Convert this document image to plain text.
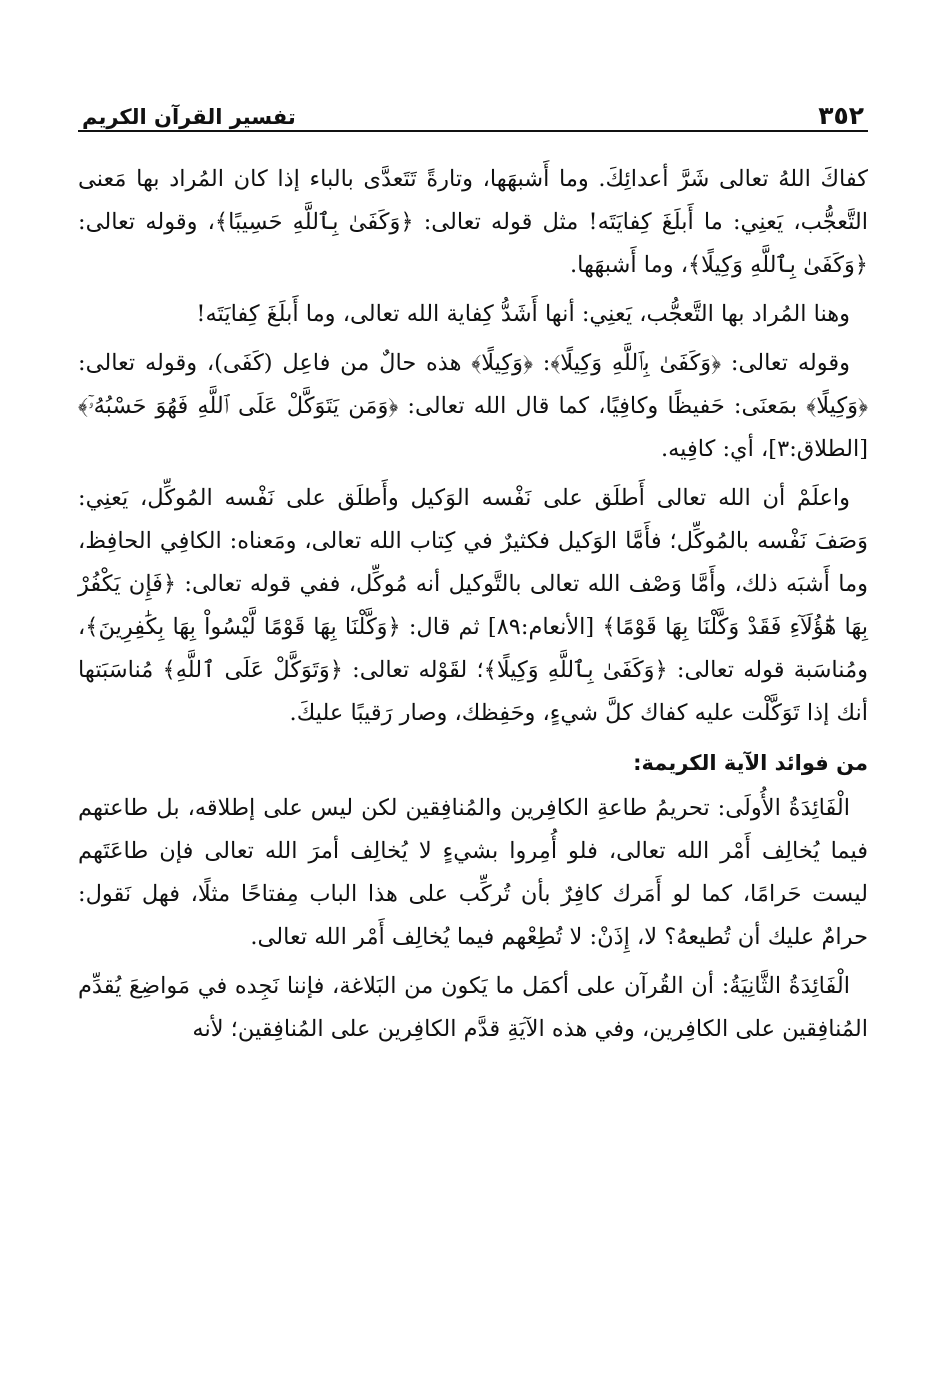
٣٥٢
تفسير القرآن الكريم

كفاكَ اللهُ تعالى شَرَّ أعدائِكَ. وما أَشبهَها، وتارةً تَتَعدَّى بالباء إذا كان المُراد بها مَعنى التَّعجُّب، يَعنِي: ما أَبلَغَ كِفايَتَه! مثل قوله تعالى: ﴿وَكَفَىٰ بِٱللَّهِ حَسِيبًا﴾، وقوله تعالى: ﴿وَكَفَىٰ بِٱللَّهِ وَكِيلًا﴾، وما أَشبهَها.

وهنا المُراد بها التَّعجُّب، يَعنِي: أنها أَشَدُّ كِفاية الله تعالى، وما أَبلَغَ كِفايَتَه!

وقوله تعالى: ﴿وَكَفَىٰ بِٱللَّهِ وَكِيلًا﴾: ﴿وَكِيلًا﴾ هذه حالٌ من فاعِل (كَفَى)، وقوله تعالى: ﴿وَكِيلًا﴾ بمَعنَى: حَفيظًا وكافِيًا، كما قال الله تعالى: ﴿وَمَن يَتَوَكَّلْ عَلَى ٱللَّهِ فَهُوَ حَسْبُهُۥٓ﴾ [الطلاق:٣]، أي: كافِيه.

واعلَمْ أن الله تعالى أَطلَق على نَفْسه الوَكيل وأَطلَق على نَفْسه المُوكِّل، يَعنِي: وَصَفَ نَفْسه بالمُوكِّل؛ فأَمَّا الوَكيل فكثيرٌ في كِتاب الله تعالى، ومَعناه: الكافِي الحافِظ، وما أَشبَه ذلك، وأَمَّا وَصْف الله تعالى بالتَّوكيل أنه مُوكِّل، ففي قوله تعالى: ﴿فَإِن يَكْفُرْ بِهَا هَٰٓؤُلَآءِ فَقَدْ وَكَّلْنَا بِهَا قَوْمًا﴾ [الأنعام:٨٩] ثم قال: ﴿وَكَّلْنَا بِهَا قَوْمًا لَّيْسُواْ بِهَا بِكَٰفِرِينَ﴾، ومُناسَبة قوله تعالى: ﴿وَكَفَىٰ بِٱللَّهِ وَكِيلًا﴾؛ لقَوْله تعالى: ﴿وَتَوَكَّلْ عَلَى ٱللَّهِ﴾ مُناسَبَتها أنك إذا تَوَكَّلْت عليه كفاك كلَّ شيءٍ، وحَفِظك، وصار رَقيبًا عليكَ.

من فوائد الآية الكريمة:

الْفَائِدَةُ الأُولَى: تحريمُ طاعةِ الكافِرين والمُنافِقين لكن ليس على إطلاقه، بل طاعتهم فيما يُخالِف أَمْر الله تعالى، فلو أُمِروا بشيءٍ لا يُخالِف أمرَ الله تعالى فإن طاعَتَهم ليست حَرامًا، كما لو أَمَرك كافِرٌ بأن تُركِّب على هذا الباب مِفتاحًا مثلًا، فهل نَقول: حرامٌ عليك أن تُطيعهُ؟ لا، إِذَنْ: لا تُطِعْهم فيما يُخالِف أَمْر الله تعالى.

الْفَائِدَةُ الثَّانِيَةُ: أن القُرآن على أكمَل ما يَكون من البَلاغة، فإننا نَجِده في مَواضِعَ يُقدِّم المُنافِقين على الكافِرين، وفي هذه الآيَةِ قدَّم الكافِرين على المُنافِقين؛ لأنه
